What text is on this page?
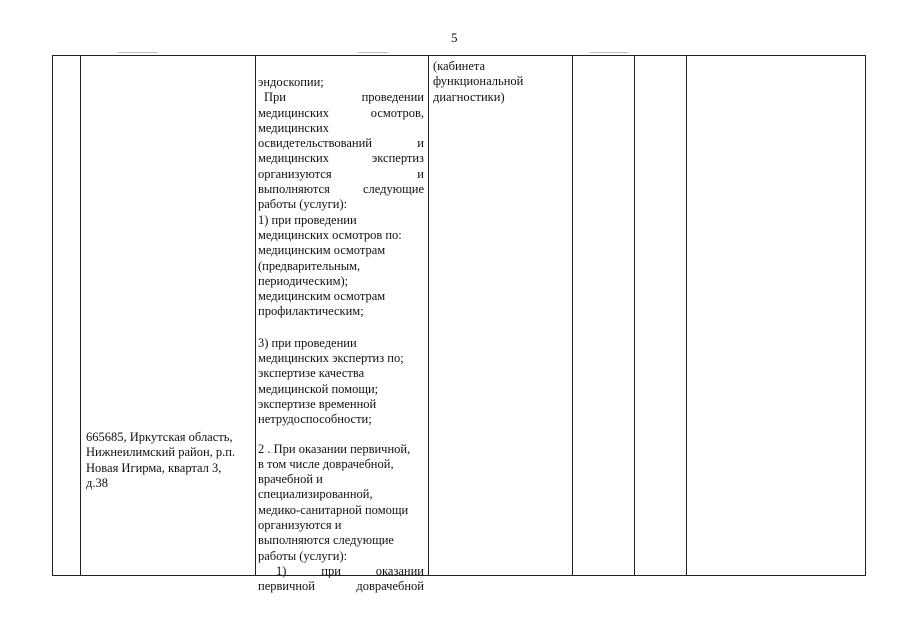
5
665685, Иркутская область,
Нижнеилимский район, р.п.
Новая Игирма, квартал 3,
д.38
эндоскопии;
При проведении
медицинских осмотров,
медицинских
освидетельствований и
медицинских экспертиз
организуются и
выполняются следующие
работы (услуги):
1) при проведении
медицинских осмотров по:
медицинским осмотрам
(предварительным,
периодическим);
медицинским осмотрам
профилактическим;
3) при проведении
медицинских экспертиз по;
экспертизе качества
медицинской помощи;
экспертизе временной
нетрудоспособности;
2 . При оказании первичной,
в том числе доврачебной,
врачебной и
специализированной,
медико-санитарной помощи
организуются и
выполняются следующие
работы (услуги):
1) при оказании
первичной доврачебной
(кабинета
функциональной
диагностики)
